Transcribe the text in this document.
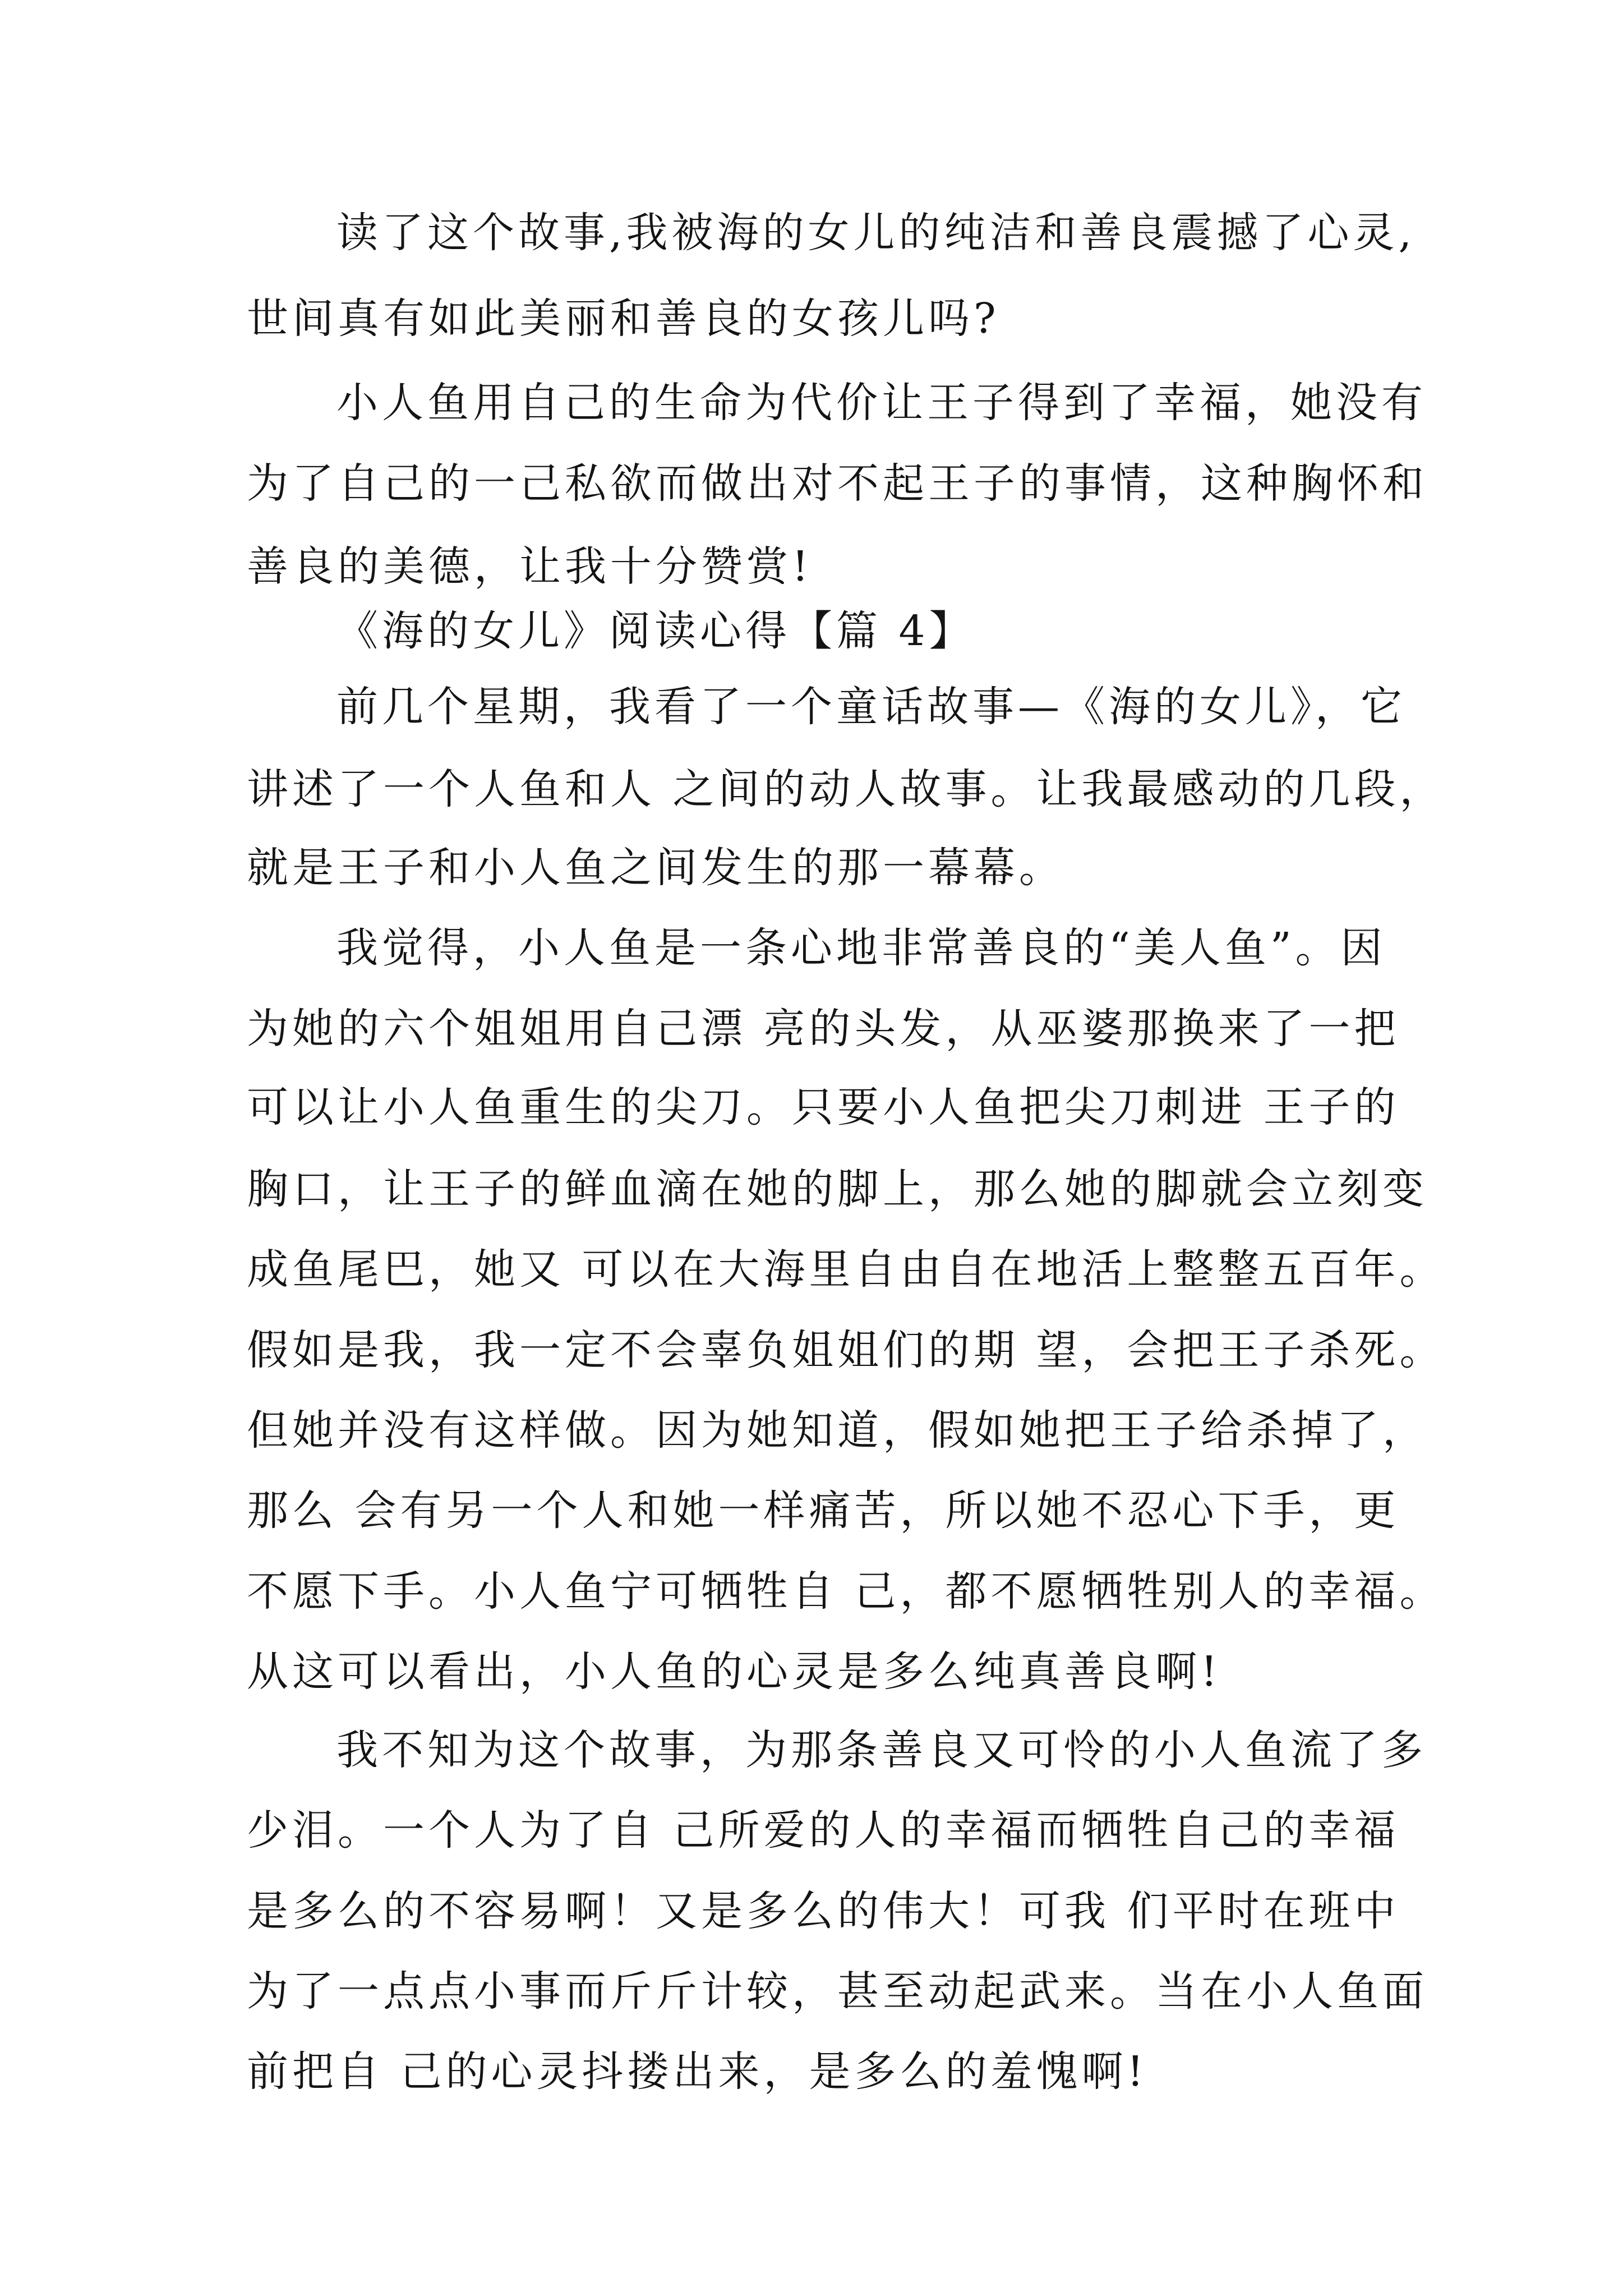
读了这个故事,我被海的女儿的纯洁和善良震撼了心灵,
世间真有如此美丽和善良的女孩儿吗?
小人鱼用自己的生命为代价让王子得到了幸福，她没有
为了自己的一己私欲而做出对不起王子的事情，这种胸怀和
善良的美德，让我十分赞赏!
《海的女儿》阅读心得【篇 4】
前几个星期，我看了一个童话故事—《海的女儿》，它
讲述了一个人鱼和人 之间的动人故事。让我最感动的几段，
就是王子和小人鱼之间发生的那一幕幕。
我觉得，小人鱼是一条心地非常善良的“美人鱼”。因
为她的六个姐姐用自己漂 亮的头发，从巫婆那换来了一把
可以让小人鱼重生的尖刀。只要小人鱼把尖刀刺进 王子的
胸口，让王子的鲜血滴在她的脚上，那么她的脚就会立刻变
成鱼尾巴，她又 可以在大海里自由自在地活上整整五百年。
假如是我，我一定不会辜负姐姐们的期 望，会把王子杀死。
但她并没有这样做。因为她知道，假如她把王子给杀掉了，
那么 会有另一个人和她一样痛苦，所以她不忍心下手，更
不愿下手。小人鱼宁可牺牲自 己，都不愿牺牲别人的幸福。
从这可以看出，小人鱼的心灵是多么纯真善良啊!
我不知为这个故事，为那条善良又可怜的小人鱼流了多
少泪。一个人为了自 己所爱的人的幸福而牺牲自己的幸福
是多么的不容易啊！又是多么的伟大！可我 们平时在班中
为了一点点小事而斤斤计较，甚至动起武来。当在小人鱼面
前把自 己的心灵抖搂出来，是多么的羞愧啊!
